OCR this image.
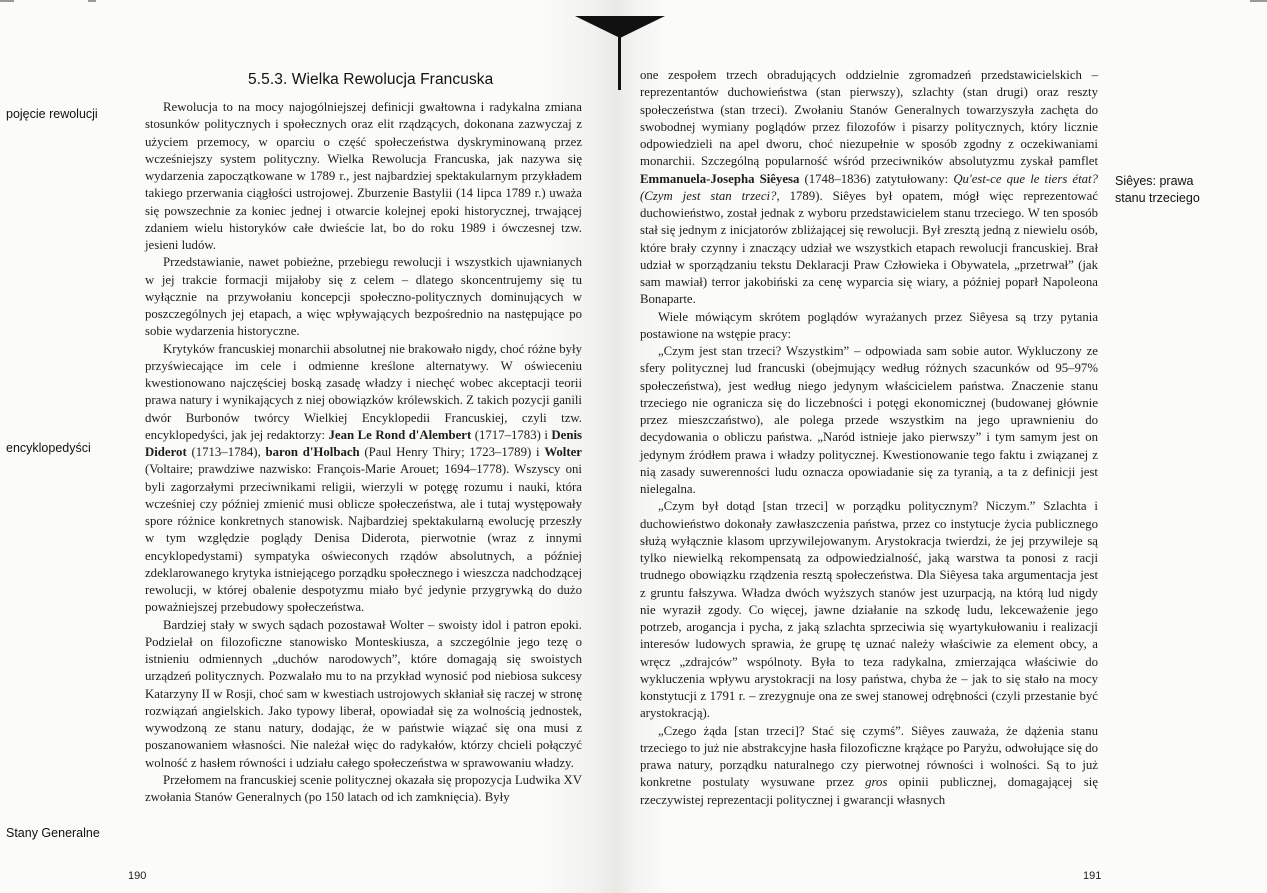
5.5.3. Wielka Rewolucja Francuska
pojęcie rewolucji
encyklopedyści
Stany Generalne

Rewolucja to na mocy najogólniejszej definicji gwałtowna i radykalna zmiana stosunków politycznych i społecznych oraz elit rządzących, dokonana zazwyczaj z użyciem przemocy, w oparciu o część społeczeństwa dyskryminowaną przez wcześniejszy system polityczny. Wielka Rewolucja Francuska, jak nazywa się wydarzenia zapoczątkowane w 1789 r., jest najbardziej spektakularnym przykładem takiego przerwania ciągłości ustrojowej. Zburzenie Bastylii (14 lipca 1789 r.) uważa się powszechnie za koniec jednej i otwarcie kolejnej epoki historycznej, trwającej zdaniem wielu historyków całe dwieście lat, bo do roku 1989 i ówczesnej tzw. jesieni ludów.

Przedstawianie, nawet pobieżne, przebiegu rewolucji i wszystkich ujawnianych w jej trakcie formacji mijałoby się z celem – dlatego skoncentrujemy się tu wyłącznie na przywołaniu koncepcji społeczno-politycznych dominujących w poszczególnych jej etapach, a więc wpływających bezpośrednio na następujące po sobie wydarzenia historyczne.

Krytyków francuskiej monarchii absolutnej nie brakowało nigdy, choć różne były przyświecające im cele i odmienne kreślone alternatywy. W oświeceniu kwestionowano najczęściej boską zasadę władzy i niechęć wobec akceptacji teorii prawa natury i wynikających z niej obowiązków królewskich. Z takich pozycji ganili dwór Burbonów twórcy Wielkiej Encyklopedii Francuskiej, czyli tzw. encyklopedyści, jak jej redaktorzy: Jean Le Rond d'Alembert (1717–1783) i Denis Diderot (1713–1784), baron d'Holbach (Paul Henry Thiry; 1723–1789) i Wolter (Voltaire; prawdziwe nazwisko: François-Marie Arouet; 1694–1778). Wszyscy oni byli zagorzałymi przeciwnikami religii, wierzyli w potęgę rozumu i nauki, która wcześniej czy później zmienić musi oblicze społeczeństwa, ale i tutaj występowały spore różnice konkretnych stanowisk. Najbardziej spektakularną ewolucję przeszły w tym względzie poglądy Denisa Diderota, pierwotnie (wraz z innymi encyklopedystami) sympatyka oświeconych rządów absolutnych, a później zdeklarowanego krytyka istniejącego porządku społecznego i wieszcza nadchodzącej rewolucji, w której obalenie despotyzmu miało być jedynie przygrywką do dużo poważniejszej przebudowy społeczeństwa.

Bardziej stały w swych sądach pozostawał Wolter – swoisty idol i patron epoki. Podzielał on filozoficzne stanowisko Monteskiusza, a szczególnie jego tezę o istnieniu odmiennych „duchów narodowych”, które domagają się swoistych urządzeń politycznych. Pozwalało mu to na przykład wynosić pod niebiosa sukcesy Katarzyny II w Rosji, choć sam w kwestiach ustrojowych skłaniał się raczej w stronę rozwiązań angielskich. Jako typowy liberał, opowiadał się za wolnością jednostek, wywodzoną ze stanu natury, dodając, że w państwie wiązać się ona musi z poszanowaniem własności. Nie należał więc do radykałów, którzy chcieli połączyć wolność z hasłem równości i udziału całego społeczeństwa w sprawowaniu władzy.

Przełomem na francuskiej scenie politycznej okazała się propozycja Ludwika XV zwołania Stanów Generalnych (po 150 latach od ich zamknięcia). Były

190
Siêyes: prawa
stanu trzeciego

one zespołem trzech obradujących oddzielnie zgromadzeń przedstawicielskich – reprezentantów duchowieństwa (stan pierwszy), szlachty (stan drugi) oraz reszty społeczeństwa (stan trzeci). Zwołaniu Stanów Generalnych towarzyszyła zachęta do swobodnej wymiany poglądów przez filozofów i pisarzy politycznych, który licznie odpowiedzieli na apel dworu, choć niezupełnie w sposób zgodny z oczekiwaniami monarchii. Szczególną popularność wśród przeciwników absolutyzmu zyskał pamflet Emmanuela-Josepha Siêyesa (1748–1836) zatytułowany: Qu'est-ce que le tiers état? (Czym jest stan trzeci?, 1789). Siêyes był opatem, mógł więc reprezentować duchowieństwo, został jednak z wyboru przedstawicielem stanu trzeciego. W ten sposób stał się jednym z inicjatorów zbliżającej się rewolucji. Był zresztą jedną z niewielu osób, które brały czynny i znaczący udział we wszystkich etapach rewolucji francuskiej. Brał udział w sporządzaniu tekstu Deklaracji Praw Człowieka i Obywatela, „przetrwał” (jak sam mawiał) terror jakobiński za cenę wyparcia się wiary, a później poparł Napoleona Bonaparte.

Wiele mówiącym skrótem poglądów wyrażanych przez Siêyesa są trzy pytania postawione na wstępie pracy:

„Czym jest stan trzeci? Wszystkim” – odpowiada sam sobie autor. Wykluczony ze sfery politycznej lud francuski (obejmujący według różnych szacunków od 95–97% społeczeństwa), jest według niego jedynym właścicielem państwa. Znaczenie stanu trzeciego nie ogranicza się do liczebności i potęgi ekonomicznej (budowanej głównie przez mieszczaństwo), ale polega przede wszystkim na jego uprawnieniu do decydowania o obliczu państwa. „Naród istnieje jako pierwszy” i tym samym jest on jedynym źródłem prawa i władzy politycznej. Kwestionowanie tego faktu i związanej z nią zasady suwerenności ludu oznacza opowiadanie się za tyranią, a ta z definicji jest nielegalna.

„Czym był dotąd [stan trzeci] w porządku politycznym? Niczym.” Szlachta i duchowieństwo dokonały zawłaszczenia państwa, przez co instytucje życia publicznego służą wyłącznie klasom uprzywilejowanym. Arystokracja twierdzi, że jej przywileje są tylko niewielką rekompensatą za odpowiedzialność, jaką warstwa ta ponosi z racji trudnego obowiązku rządzenia resztą społeczeństwa. Dla Siêyesa taka argumentacja jest z gruntu fałszywa. Władza dwóch wyższych stanów jest uzurpacją, na którą lud nigdy nie wyraził zgody. Co więcej, jawne działanie na szkodę ludu, lekceważenie jego potrzeb, arogancja i pycha, z jaką szlachta sprzeciwia się wyartykułowaniu i realizacji interesów ludowych sprawia, że grupę tę uznać należy właściwie za element obcy, a wręcz „zdrajców” wspólnoty. Była to teza radykalna, zmierzająca właściwie do wykluczenia wpływu arystokracji na losy państwa, chyba że – jak to się stało na mocy konstytucji z 1791 r. – zrezygnuje ona ze swej stanowej odrębności (czyli przestanie być arystokracją).

„Czego żąda [stan trzeci]? Stać się czymś”. Siêyes zauważa, że dążenia stanu trzeciego to już nie abstrakcyjne hasła filozoficzne krążące po Paryżu, odwołujące się do prawa natury, porządku naturalnego czy pierwotnej równości i wolności. Są to już konkretne postulaty wysuwane przez gros opinii publicznej, domagającej się rzeczywistej reprezentacji politycznej i gwarancji własnych

191
